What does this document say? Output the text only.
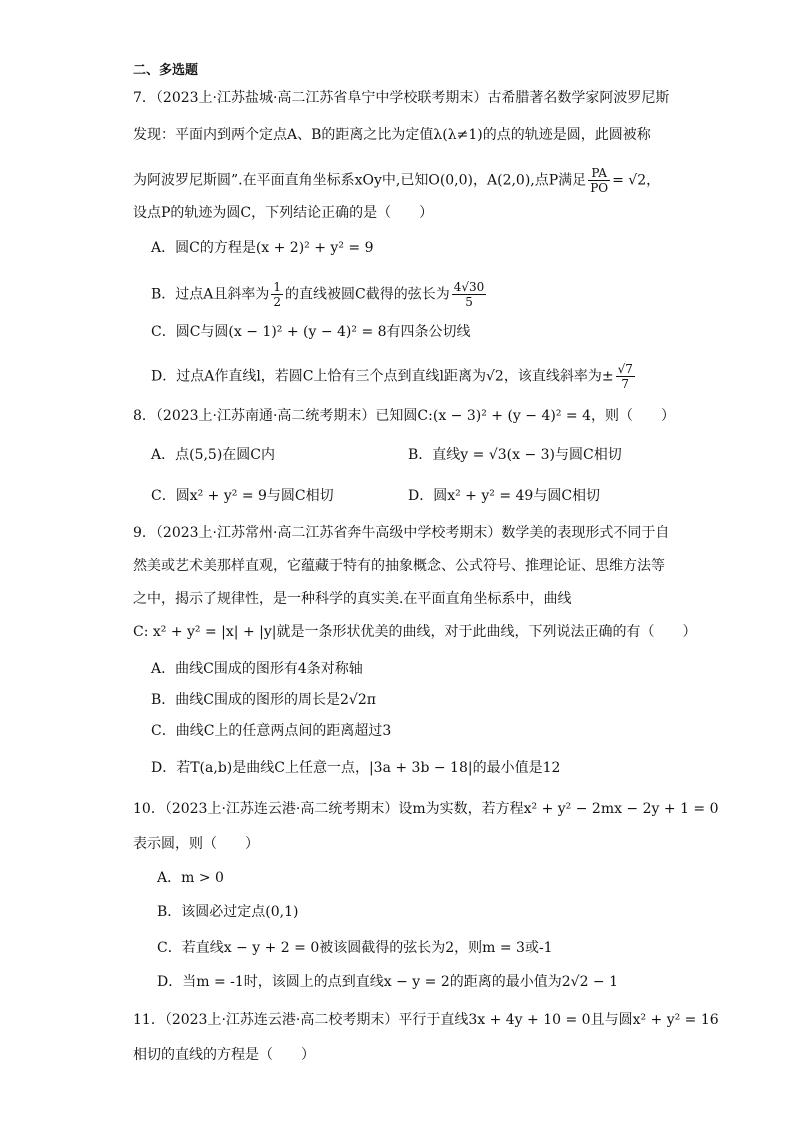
二、多选题
7．（2023上·江苏盐城·高二江苏省阜宁中学校联考期末）古希腊著名数学家阿波罗尼斯
发现：平面内到两个定点A、B的距离之比为定值λ(λ≠1)的点的轨迹是圆，此圆被称
为阿波罗尼斯圆”.在平面直角坐标系xOy中,已知O(0,0)，A(2,0),点P满足 $\frac{PA}{PO} = √2$，
设点P的轨迹为圆C，下列结论正确的是（　　）
A．圆C的方程是(x + 2)² + y² = 9
B．过点A且斜率为 $\frac{1}{2}$ 的直线被圆C截得的弦长为 $\frac{4√30}{5}$
C．圆C与圆(x − 1)² + (y − 4)² = 8有四条公切线
D．过点A作直线l，若圆C上恰有三个点到直线l距离为√2，该直线斜率为± $\frac{√7}{7}$
8．（2023上·江苏南通·高二统考期末）已知圆C:(x − 3)² + (y − 4)² = 4，则（　　）
A．点(5,5)在圆C内	B．直线y = √3(x − 3)与圆C相切
C．圆x² + y² = 9与圆C相切	D．圆x² + y² = 49与圆C相切
9．（2023上·江苏常州·高二江苏省奔牛高级中学校考期末）数学美的表现形式不同于自
然美或艺术美那样直观，它蕴藏于特有的抽象概念、公式符号、推理论证、思维方法等
之中，揭示了规律性，是一种科学的真实美.在平面直角坐标系中，曲线
C: x² + y² = |x| + |y|就是一条形状优美的曲线，对于此曲线，下列说法正确的有（　　）
A．曲线C围成的图形有4条对称轴
B．曲线C围成的图形的周长是2√2π
C．曲线C上的任意两点间的距离超过3
D．若T(a,b)是曲线C上任意一点，|3a + 3b − 18|的最小值是12
10．（2023上·江苏连云港·高二统考期末）设m为实数，若方程x² + y² − 2mx − 2y + 1 = 0
表示圆，则（　　）
A．m > 0
B．该圆必过定点(0,1)
C．若直线x − y + 2 = 0被该圆截得的弦长为2，则m = 3或-1
D．当m = -1时，该圆上的点到直线x − y = 2的距离的最小值为2√2 − 1
11．（2023上·江苏连云港·高二校考期末）平行于直线3x + 4y + 10 = 0且与圆x² + y² = 16
相切的直线的方程是（　　）
